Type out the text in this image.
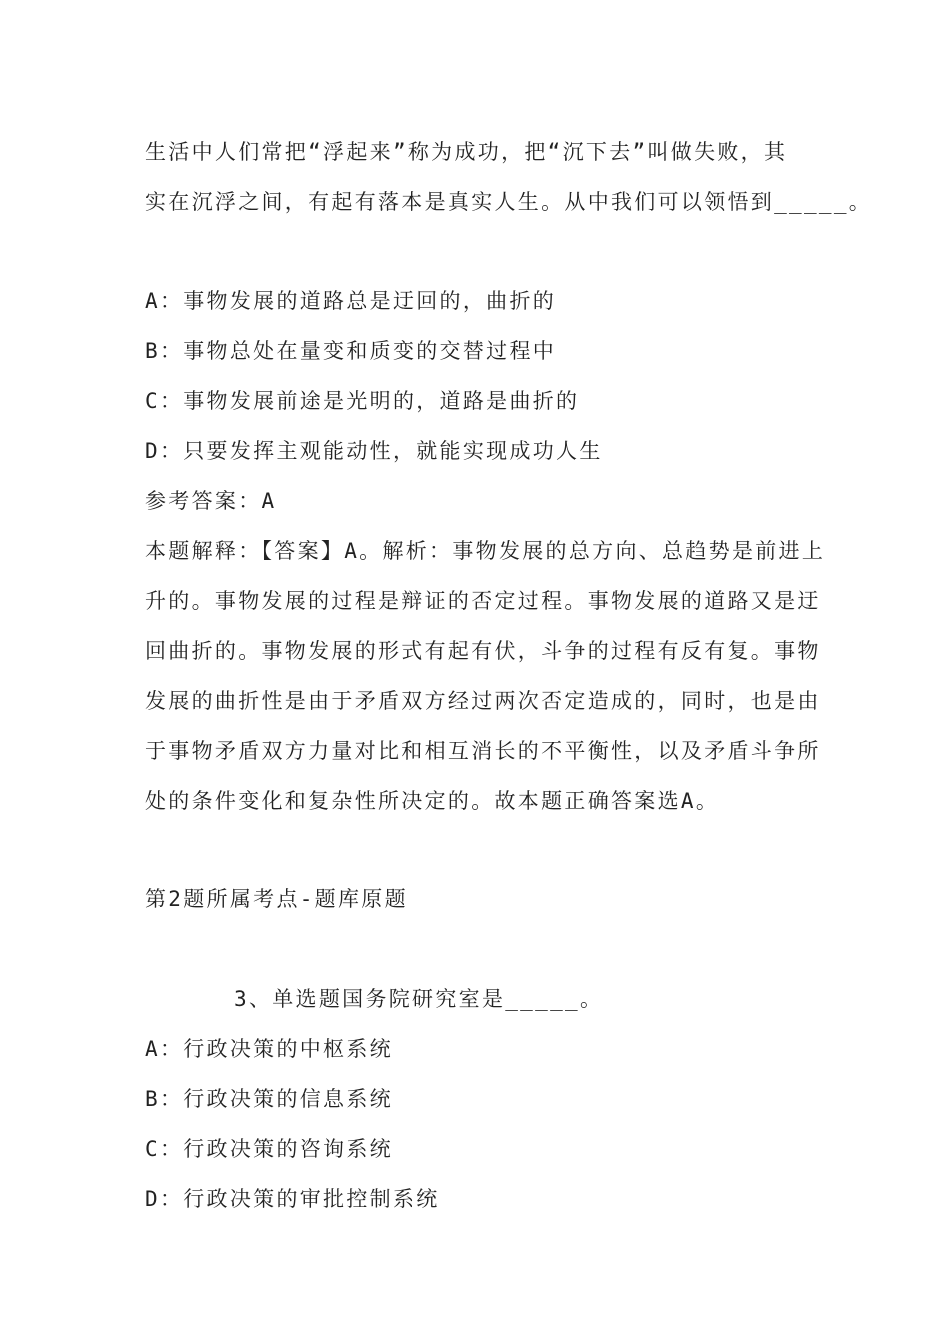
生活中人们常把“浮起来”称为成功，把“沉下去”叫做失败，其

实在沉浮之间，有起有落本是真实人生。从中我们可以领悟到_____。

A：事物发展的道路总是迂回的，曲折的

B：事物总处在量变和质变的交替过程中

C：事物发展前途是光明的，道路是曲折的

D：只要发挥主观能动性，就能实现成功人生

参考答案：A

本题解释：【答案】A。解析：事物发展的总方向、总趋势是前进上

升的。事物发展的过程是辩证的否定过程。事物发展的道路又是迂

回曲折的。事物发展的形式有起有伏，斗争的过程有反有复。事物

发展的曲折性是由于矛盾双方经过两次否定造成的，同时，也是由

于事物矛盾双方力量对比和相互消长的不平衡性，以及矛盾斗争所

处的条件变化和复杂性所决定的。故本题正确答案选A。

第2题所属考点-题库原题

3、单选题国务院研究室是_____。

A：行政决策的中枢系统

B：行政决策的信息系统

C：行政决策的咨询系统

D：行政决策的审批控制系统
